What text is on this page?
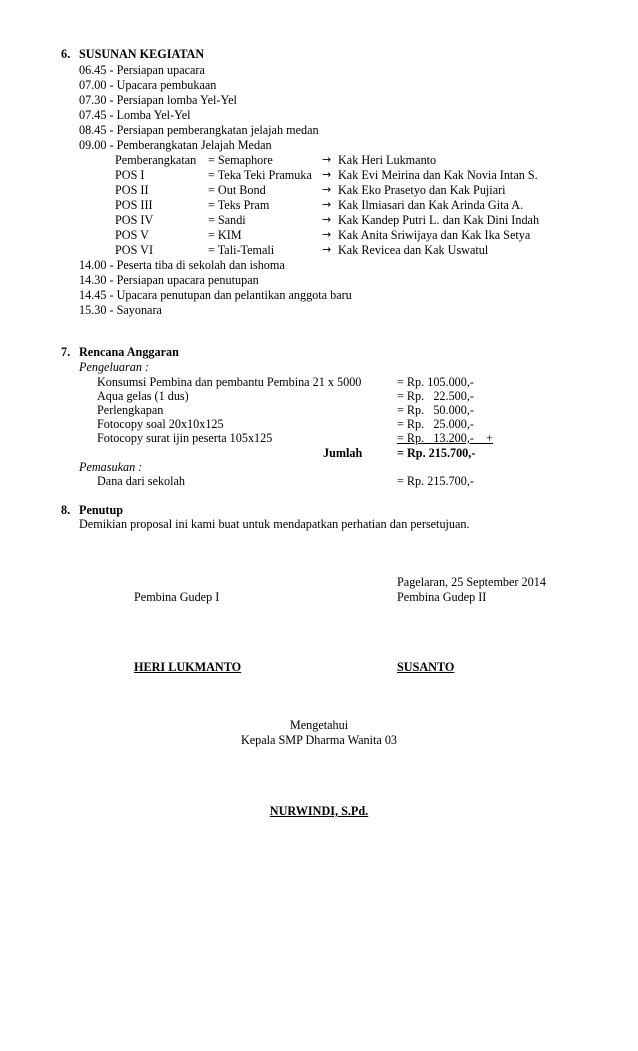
6. SUSUNAN KEGIATAN
06.45 - Persiapan upacara
07.00 - Upacara pembukaan
07.30 - Persiapan lomba Yel-Yel
07.45 - Lomba Yel-Yel
08.45 - Persiapan pemberangkatan jelajah medan
09.00 - Pemberangkatan Jelajah Medan
Pemberangkatan = Semaphore	→ Kak Heri Lukmanto
POS I	= Teka Teki Pramuka → Kak Evi Meirina dan Kak Novia Intan S.
POS II	= Out Bond	→ Kak Eko Prasetyo dan Kak Pujiari
POS III	= Teks Pram	→ Kak Ilmiasari dan Kak Arinda Gita A.
POS IV	= Sandi	→ Kak Kandep Putri L. dan Kak Dini Indah
POS V	= KIM	→ Kak Anita Sriwijaya dan Kak Ika Setya
POS VI	= Tali-Temali	→ Kak Revicea dan Kak Uswatul
14.00 - Peserta tiba di sekolah dan ishoma
14.30 - Persiapan upacara penutupan
14.45 - Upacara penutupan dan pelantikan anggota baru
15.30 - Sayonara
7. Rencana Anggaran
Pengeluaran :
Konsumsi Pembina dan pembantu Pembina 21 x 5000	= Rp. 105.000,-
Aqua gelas (1 dus)	= Rp.   22.500,-
Perlengkapan	= Rp.   50.000,-
Fotocopy soal 20x10x125	= Rp.   25.000,-
Fotocopy surat ijin peserta 105x125	= Rp.   13.200,-    +
Jumlah	= Rp. 215.700,-
Pemasukan :
Dana dari sekolah	= Rp. 215.700,-
8. Penutup
Demikian proposal ini kami buat untuk mendapatkan perhatian dan persetujuan.
Pagelaran, 25 September 2014
Pembina Gudep I	Pembina Gudep II
HERI LUKMANTO	SUSANTO
Mengetahui
Kepala SMP Dharma Wanita 03
NURWINDI, S.Pd.
